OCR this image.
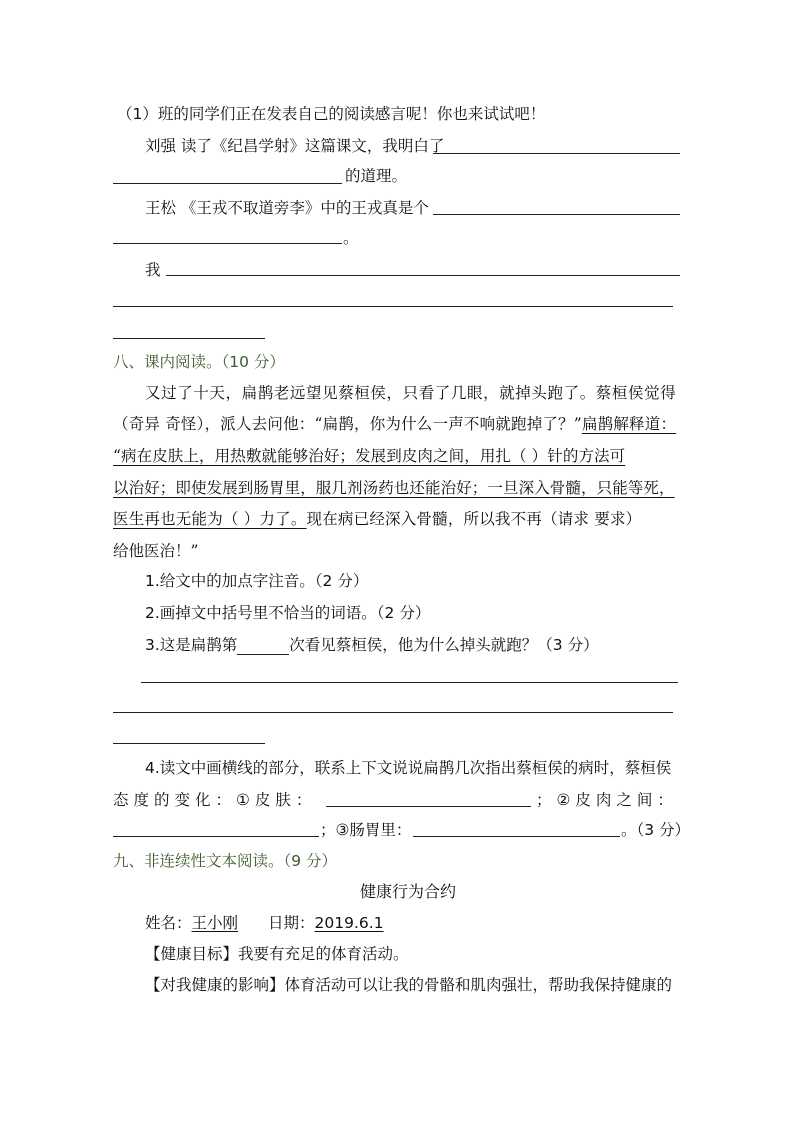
（1）班的同学们正在发表自己的阅读感言呢！你也来试试吧！
刘强 读了《纪昌学射》这篇课文，我明白了
的道理。
王松 《王戎不取道旁李》中的王戎真是个
。
我
八、课内阅读。（10 分）
又过了十天，扁鹊老远望见蔡桓侯，只看了几眼，就掉头跑了。蔡桓侯觉得
（奇异 奇怪），派人去问他：“扁鹊，你为什么一声不响就跑掉了？”扁鹊解释道：
“病在皮肤上，用热敷就能够治好；发展到皮肉之间，用扎（ ）针的方法可
以治好；即使发展到肠胃里，服几剂汤药也还能治好；一旦深入骨髓，只能等死，
医生再也无能为（ ）力了。现在病已经深入骨髓，所以我不再（请求 要求）
给他医治！”
1.给文中的加点字注音。（2 分）
2.画掉文中括号里不恰当的词语。（2 分）
3.这是扁鹊第	次看见蔡桓侯，他为什么掉头就跑？（3 分）
4.读文中画横线的部分，联系上下文说说扁鹊几次指出蔡桓侯的病时，蔡桓侯
态度的变化：①皮肤：	；②皮肉之间：
；③肠胃里：	。（3 分）
九、非连续性文本阅读。（9 分）
健康行为合约
姓名：王小刚 日期：2019.6.1
【健康目标】我要有充足的体育活动。
【对我健康的影响】体育活动可以让我的骨骼和肌肉强壮，帮助我保持健康的
